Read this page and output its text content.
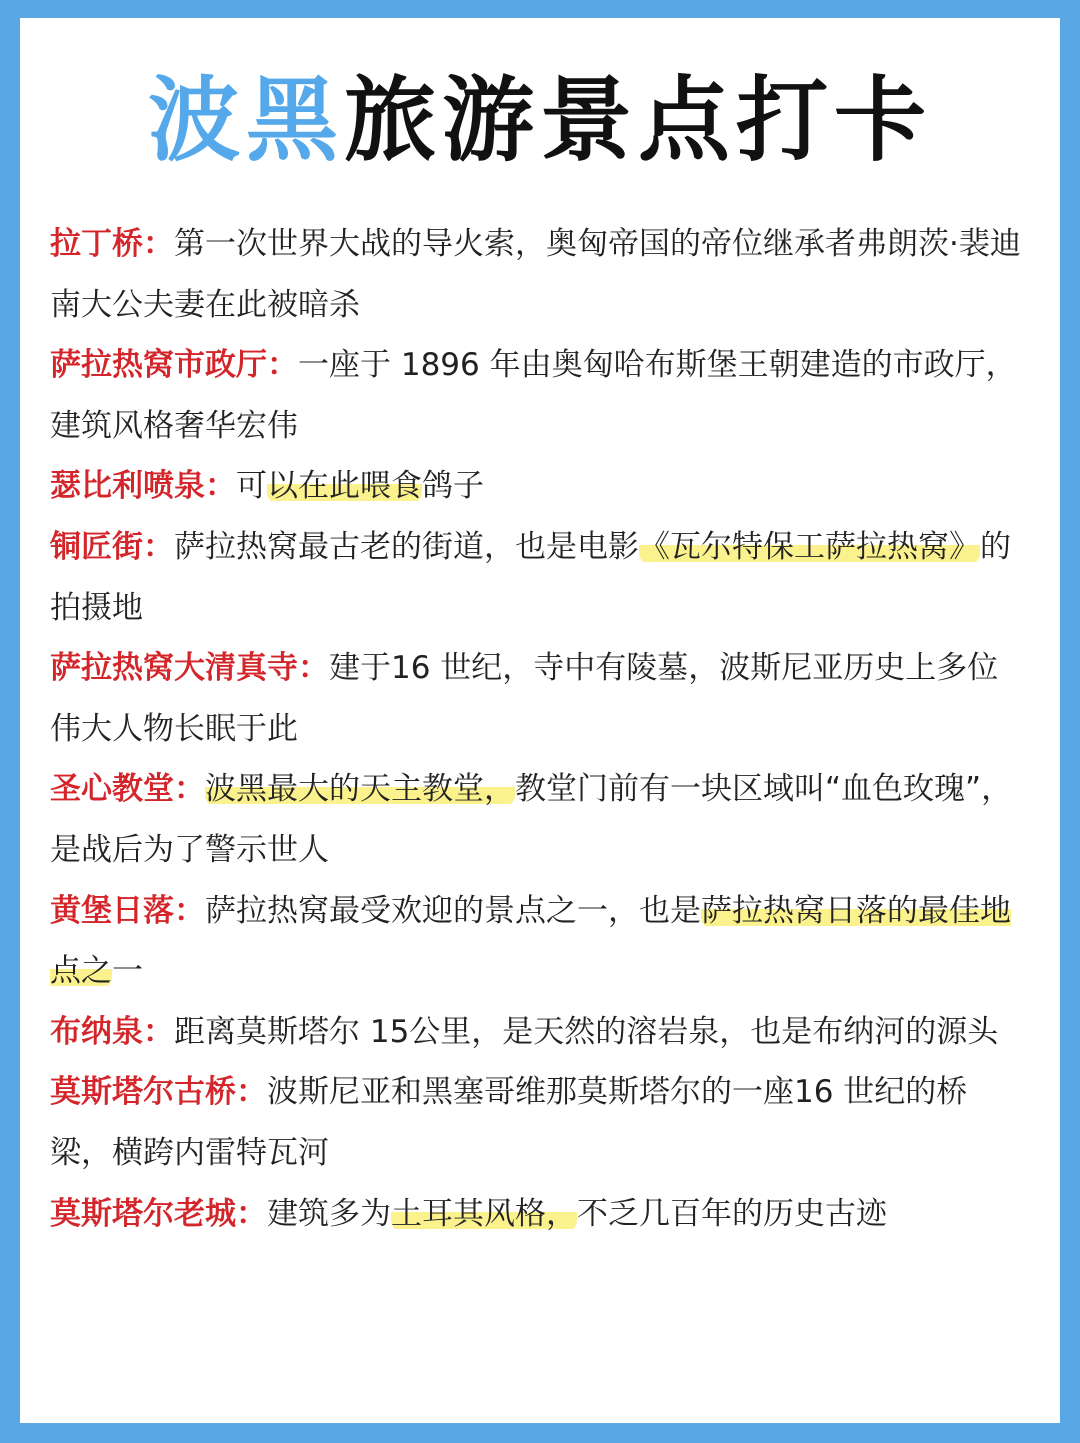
波黑旅游景点打卡

拉丁桥：第一次世界大战的导火索，奥匈帝国的帝位继承者弗朗茨·裴迪南大公夫妻在此被暗杀

萨拉热窝市政厅：一座于 1896 年由奥匈哈布斯堡王朝建造的市政厅，建筑风格奢华宏伟

瑟比利喷泉：可以在此喂食鸽子

铜匠街：萨拉热窝最古老的街道，也是电影《瓦尔特保工萨拉热窝》的拍摄地

萨拉热窝大清真寺：建于16 世纪，寺中有陵墓，波斯尼亚历史上多位伟大人物长眠于此

圣心教堂：波黑最大的天主教堂，教堂门前有一块区域叫“血色玫瑰”，是战后为了警示世人

黄堡日落：萨拉热窝最受欢迎的景点之一，也是萨拉热窝日落的最佳地点之一

布纳泉：距离莫斯塔尔 15公里，是天然的溶岩泉，也是布纳河的源头

莫斯塔尔古桥：波斯尼亚和黑塞哥维那莫斯塔尔的一座16 世纪的桥梁，横跨内雷特瓦河

莫斯塔尔老城：建筑多为土耳其风格，不乏几百年的历史古迹
